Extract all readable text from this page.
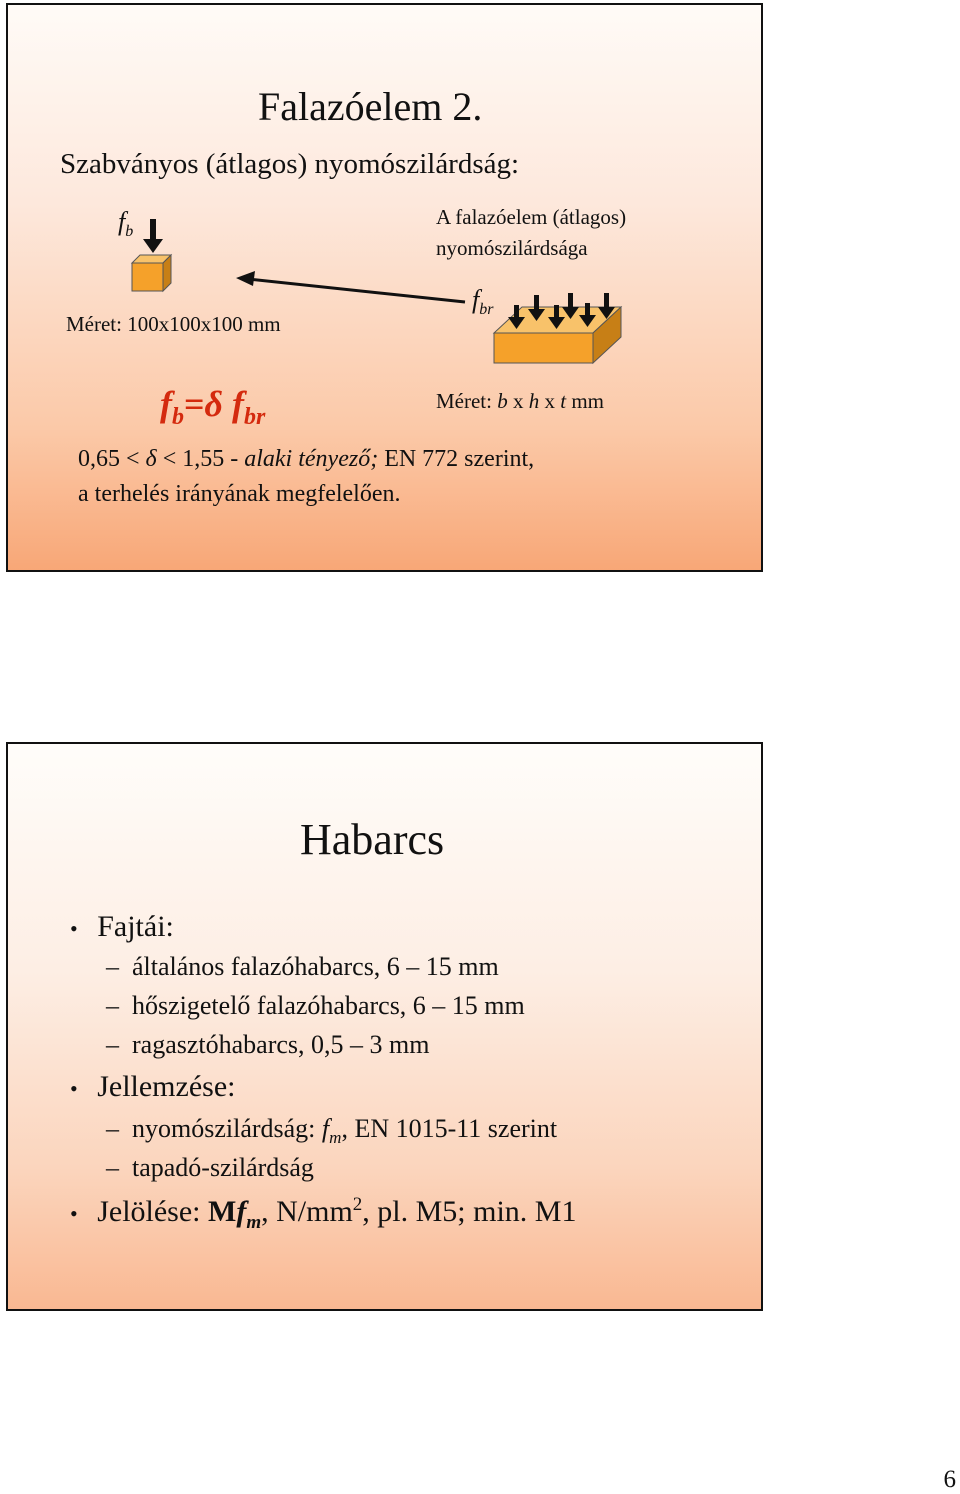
Falazóelem 2.
Szabványos (átlagos) nyomószilárdság:
$f_b$
A falazóelem (átlagos)
nyomószilárdsága
Méret: 100x100x100 mm
$f_{br}$
$f_b=\delta$ $f_{br}$
Méret: b x h x t mm
0,65 < δ < 1,55 - alaki tényező; EN 772 szerint,
a terhelés irányának megfelelően.
Habarcs
• Fajtái:
– általános falazóhabarcs, 6 – 15 mm
– hőszigetelő falazóhabarcs, 6 – 15 mm
– ragasztóhabarcs, 0,5 – 3 mm
• Jellemzése:
– nyomószilárdság: $f_m$, EN 1015-11 szerint
– tapadó-szilárdság
• Jelölése: $Mf_m$, $N/mm^2$, pl. M5; min. M1
6
